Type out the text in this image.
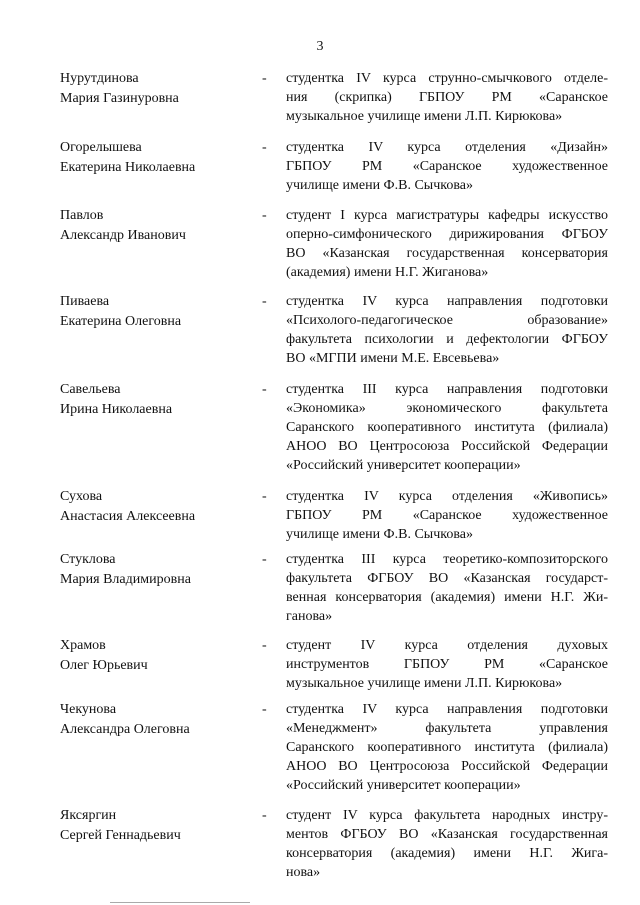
3
Нурутдинова
Мария Газинуровна
- студентка IV курса струнно-смычкового отделе-
ния (скрипка) ГБПОУ РМ «Саранское
музыкальное училище имени Л.П. Кирюкова»
Огорелышева
Екатерина Николаевна
- студентка IV курса отделения «Дизайн»
ГБПОУ РМ «Саранское художественное
училище имени Ф.В. Сычкова»
Павлов
Александр Иванович
- студент I курса магистратуры кафедры искусство
оперно-симфонического дирижирования ФГБОУ
ВО «Казанская государственная консерватория
(академия) имени Н.Г. Жиганова»
Пиваева
Екатерина Олеговна
- студентка IV курса направления подготовки
«Психолого-педагогическое образование»
факультета психологии и дефектологии ФГБОУ
ВО «МГПИ имени М.Е. Евсевьева»
Савельева
Ирина Николаевна
- студентка III курса направления подготовки
«Экономика» экономического факультета
Саранского кооперативного института (филиала)
АНОО ВО Центросоюза Российской Федерации
«Российский университет кооперации»
Сухова
Анастасия Алексеевна
- студентка IV курса отделения «Живопись»
ГБПОУ РМ «Саранское художественное
училище имени Ф.В. Сычкова»
Стуклова
Мария Владимировна
- студентка III курса теоретико-композиторского
факультета ФГБОУ ВО «Казанская государст-
венная консерватория (академия) имени Н.Г. Жи-
ганова»
Храмов
Олег Юрьевич
- студент IV курса отделения духовых
инструментов ГБПОУ РМ «Саранское
музыкальное училище имени Л.П. Кирюкова»
Чекунова
Александра Олеговна
- студентка IV курса направления подготовки
«Менеджмент» факультета управления
Саранского кооперативного института (филиала)
АНОО ВО Центросоюза Российской Федерации
«Российский университет кооперации»
Яксяргин
Сергей Геннадьевич
- студент IV курса факультета народных инстру-
ментов ФГБОУ ВО «Казанская государственная
консерватория (академия) имени Н.Г. Жига-
нова»
